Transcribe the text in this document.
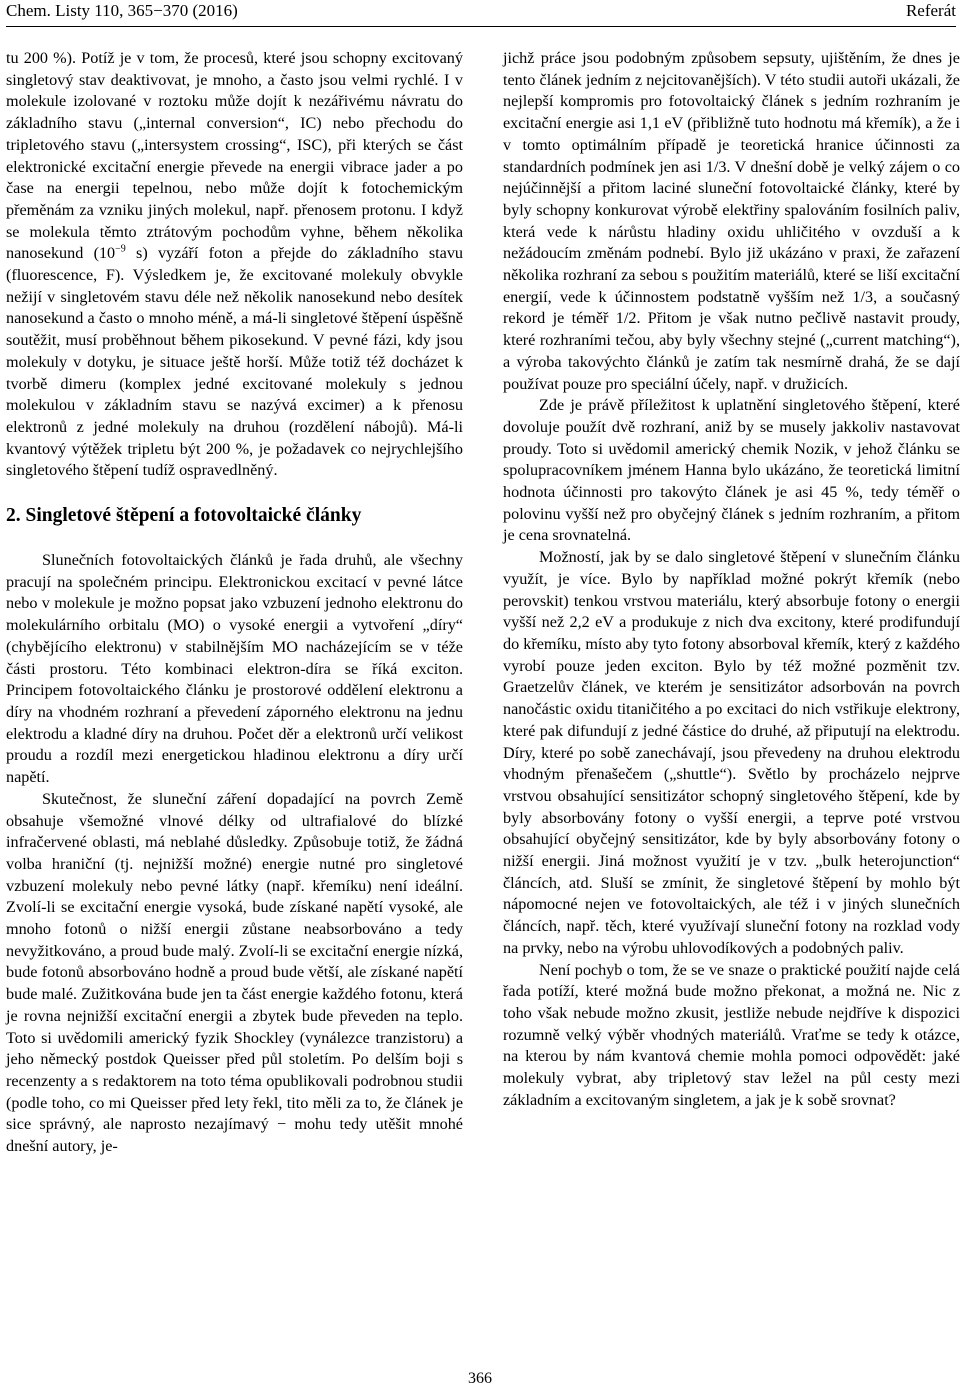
Chem. Listy 110, 365−370 (2016)	Referát

tu 200 %). Potíž je v tom, že procesů, které jsou schopny excitovaný singletový stav deaktivovat, je mnoho, a často jsou velmi rychlé. I v molekule izolované v roztoku může dojít k nezářivému návratu do základního stavu („internal conversion“, IC) nebo přechodu do tripletového stavu („intersystem crossing“, ISC), při kterých se část elektronické excitační energie převede na energii vibrace jader a po čase na energii tepelnou, nebo může dojít k fotochemickým přeměnám za vzniku jiných molekul, např. přenosem protonu. I když se molekula těmto ztrátovým pochodům vyhne, během několika nanosekund ($10^{-9}$ s) vyzáří foton a přejde do základního stavu (fluorescence, F). Výsledkem je, že excitované molekuly obvykle nežijí v singletovém stavu déle než několik nanosekund nebo desítek nanosekund a často o mnoho méně, a má-li singletové štěpení úspěšně soutěžit, musí proběhnout během pikosekund. V pevné fázi, kdy jsou molekuly v dotyku, je situace ještě horší. Může totiž též docházet k tvorbě dimeru (komplex jedné excitované molekuly s jednou molekulou v základním stavu se nazývá excimer) a k přenosu elektronů z jedné molekuly na druhou (rozdělení nábojů). Má-li kvantový výtěžek tripletu být 200 %, je požadavek co nejrychlejšího singletového štěpení tudíž ospravedlněný.

2. Singletové štěpení a fotovoltaické články

Slunečních fotovoltaických článků je řada druhů, ale všechny pracují na společném principu. Elektronickou excitací v pevné látce nebo v molekule je možno popsat jako vzbuzení jednoho elektronu do molekulárního orbitalu (MO) o vysoké energii a vytvoření „díry“ (chybějícího elektronu) v stabilnějším MO nacházejícím se v téže části prostoru. Této kombinaci elektron-díra se říká exciton. Principem fotovoltaického článku je prostorové oddělení elektronu a díry na vhodném rozhraní a převedení záporného elektronu na jednu elektrodu a kladné díry na druhou. Počet děr a elektronů určí velikost proudu a rozdíl mezi energetickou hladinou elektronu a díry určí napětí.

Skutečnost, že sluneční záření dopadající na povrch Země obsahuje všemožné vlnové délky od ultrafialové do blízké infračervené oblasti, má neblahé důsledky. Způsobuje totiž, že žádná volba hraniční (tj. nejnižší možné) energie nutné pro singletové vzbuzení molekuly nebo pevné látky (např. křemíku) není ideální. Zvolí-li se excitační energie vysoká, bude získané napětí vysoké, ale mnoho fotonů o nižší energii zůstane neabsorbováno a tedy nevyžitkováno, a proud bude malý. Zvolí-li se excitační energie nízká, bude fotonů absorbováno hodně a proud bude větší, ale získané napětí bude malé. Zužitkována bude jen ta část energie každého fotonu, která je rovna nejnižší excitační energii a zbytek bude převeden na teplo. Toto si uvědomili americký fyzik Shockley (vynálezce tranzistoru) a jeho německý postdok Queisser před půl stoletím. Po delším boji s recenzenty a s redaktorem na toto téma opublikovali podrobnou studii (podle toho, co mi Queisser před lety řekl, tito měli za to, že článek je sice správný, ale naprosto nezajímavý − mohu tedy utěšit mnohé dnešní autory, je-

jichž práce jsou podobným způsobem sepsuty, ujištěním, že dnes je tento článek jedním z nejcitovanějších). V této studii autoři ukázali, že nejlepší kompromis pro fotovoltaický článek s jedním rozhraním je excitační energie asi 1,1 eV (přibližně tuto hodnotu má křemík), a že i v tomto optimálním případě je teoretická hranice účinnosti za standardních podmínek jen asi 1/3. V dnešní době je velký zájem o co nejúčinnější a přitom laciné sluneční fotovoltaické články, které by byly schopny konkurovat výrobě elektřiny spalováním fosilních paliv, která vede k nárůstu hladiny oxidu uhličitého v ovzduší a k nežádoucím změnám podnebí. Bylo již ukázáno v praxi, že zařazení několika rozhraní za sebou s použitím materiálů, které se liší excitační energií, vede k účinnostem podstatně vyšším než 1/3, a současný rekord je téměř 1/2. Přitom je však nutno pečlivě nastavit proudy, které rozhraními tečou, aby byly všechny stejné („current matching“), a výroba takovýchto článků je zatím tak nesmírně drahá, že se dají používat pouze pro speciální účely, např. v družicích.

Zde je právě příležitost k uplatnění singletového štěpení, které dovoluje použít dvě rozhraní, aniž by se musely jakkoliv nastavovat proudy. Toto si uvědomil americký chemik Nozik, v jehož článku se spolupracovníkem jménem Hanna bylo ukázáno, že teoretická limitní hodnota účinnosti pro takovýto článek je asi 45 %, tedy téměř o polovinu vyšší než pro obyčejný článek s jedním rozhraním, a přitom je cena srovnatelná.

Možností, jak by se dalo singletové štěpení v slunečním článku využít, je více. Bylo by například možné pokrýt křemík (nebo perovskit) tenkou vrstvou materiálu, který absorbuje fotony o energii vyšší než 2,2 eV a produkuje z nich dva excitony, které prodifundují do křemíku, místo aby tyto fotony absorboval křemík, který z každého vyrobí pouze jeden exciton. Bylo by též možné pozměnit tzv. Graetzelův článek, ve kterém je sensitizátor adsorbován na povrch nanočástic oxidu titaničitého a po excitaci do nich vstřikuje elektrony, které pak difundují z jedné částice do druhé, až připutují na elektrodu. Díry, které po sobě zanechávají, jsou převedeny na druhou elektrodu vhodným přenašečem („shuttle“). Světlo by procházelo nejprve vrstvou obsahující sensitizátor schopný singletového štěpení, kde by byly absorbovány fotony o vyšší energii, a teprve poté vrstvou obsahující obyčejný sensitizátor, kde by byly absorbovány fotony o nižší energii. Jiná možnost využití je v tzv. „bulk heterojunction“ článcích, atd. Sluší se zmínit, že singletové štěpení by mohlo být nápomocné nejen ve fotovoltaických, ale též i v jiných slunečních článcích, např. těch, které využívají sluneční fotony na rozklad vody na prvky, nebo na výrobu uhlovodíkových a podobných paliv.

Není pochyb o tom, že se ve snaze o praktické použití najde celá řada potíží, které možná bude možno překonat, a možná ne. Nic z toho však nebude možno zkusit, jestliže nebude nejdříve k dispozici rozumně velký výběr vhodných materiálů. Vraťme se tedy k otázce, na kterou by nám kvantová chemie mohla pomoci odpovědět: jaké molekuly vybrat, aby tripletový stav ležel na půl cesty mezi základním a excitovaným singletem, a jak je k sobě srovnat?

366
